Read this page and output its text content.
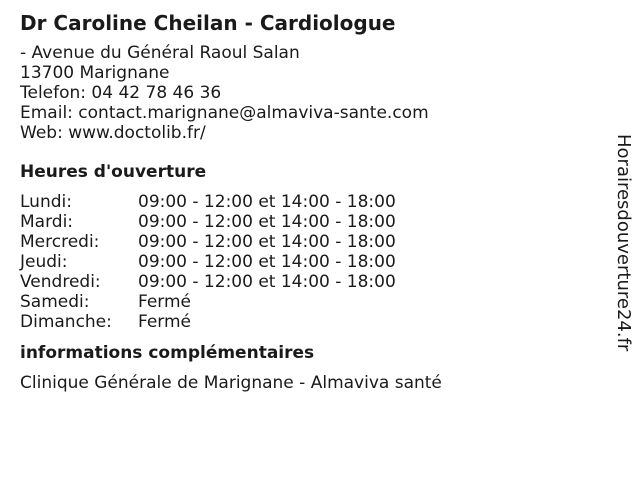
Dr Caroline Cheilan - Cardiologue
- Avenue du Général Raoul Salan
13700 Marignane
Telefon: 04 42 78 46 36
Email: contact.marignane@almaviva-sante.com
Web: www.doctolib.fr/
Heures d'ouverture
Lundi:	09:00 - 12:00 et 14:00 - 18:00
Mardi:	09:00 - 12:00 et 14:00 - 18:00
Mercredi:	09:00 - 12:00 et 14:00 - 18:00
Jeudi:	09:00 - 12:00 et 14:00 - 18:00
Vendredi:	09:00 - 12:00 et 14:00 - 18:00
Samedi:	Fermé
Dimanche:	Fermé
informations complémentaires
Clinique Générale de Marignane - Almaviva santé
Horairesdouverture24.fr
